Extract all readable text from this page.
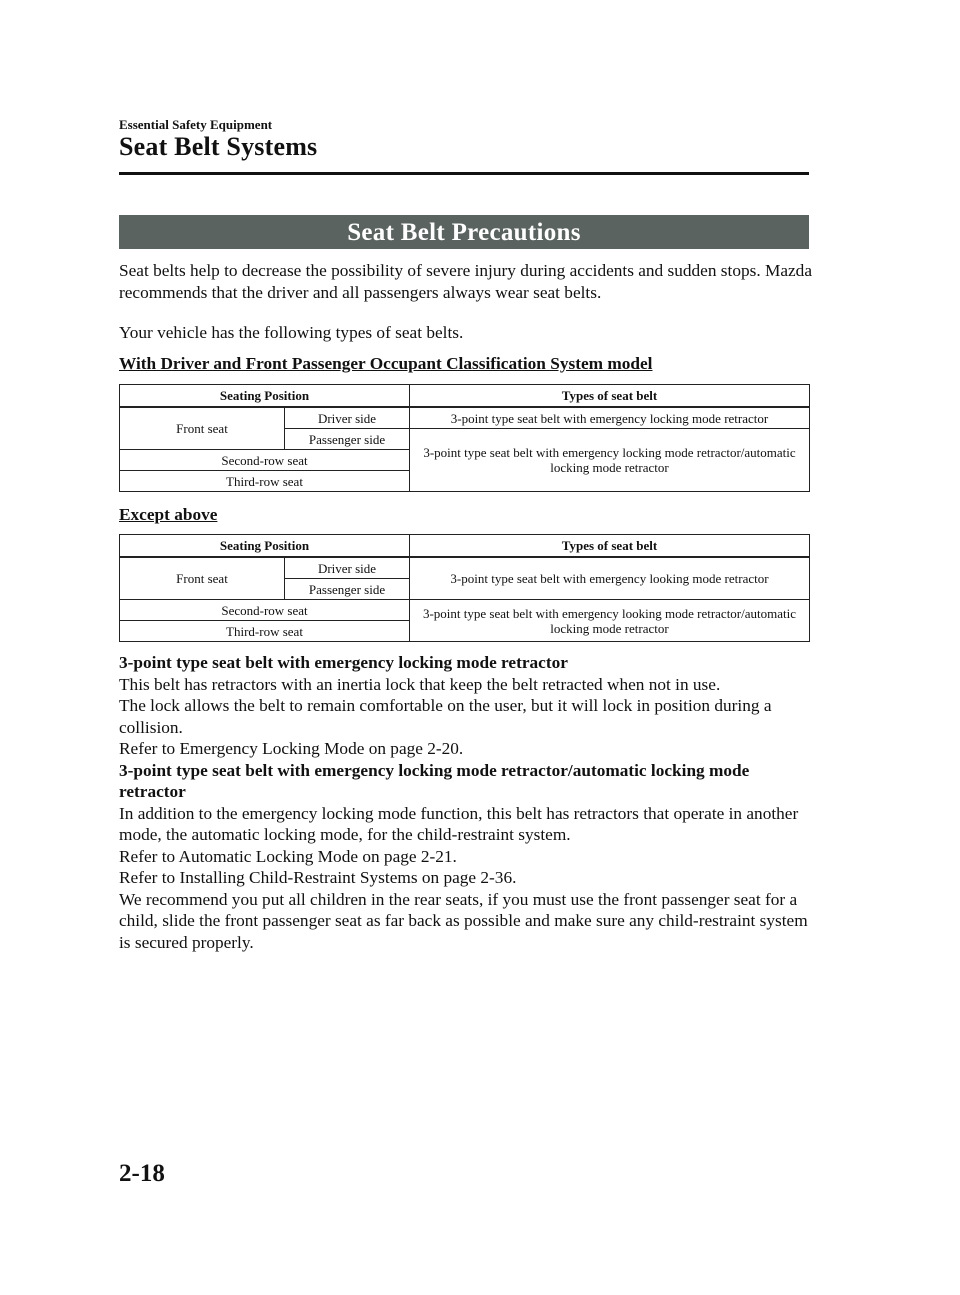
Essential Safety Equipment
Seat Belt Systems
Seat Belt Precautions
Seat belts help to decrease the possibility of severe injury during accidents and sudden stops. Mazda recommends that the driver and all passengers always wear seat belts.
Your vehicle has the following types of seat belts.
With Driver and Front Passenger Occupant Classification System model
Seating Position		Types of seat belt
Front seat	Driver side	3-point type seat belt with emergency locking mode retractor
	Passenger side	3-point type seat belt with emergency locking mode retractor/automatic locking mode retractor
Second-row seat		
Third-row seat		
Except above
Seating Position		Types of seat belt
Front seat	Driver side	3-point type seat belt with emergency looking mode retractor
	Passenger side	
Second-row seat		3-point type seat belt with emergency looking mode retractor/automatic locking mode retractor
Third-row seat		
3-point type seat belt with emergency locking mode retractor
This belt has retractors with an inertia lock that keep the belt retracted when not in use.
The lock allows the belt to remain comfortable on the user, but it will lock in position during a collision.
Refer to Emergency Locking Mode on page 2-20.
3-point type seat belt with emergency locking mode retractor/automatic locking mode retractor
In addition to the emergency locking mode function, this belt has retractors that operate in another mode, the automatic locking mode, for the child-restraint system.
Refer to Automatic Locking Mode on page 2-21.
Refer to Installing Child-Restraint Systems on page 2-36.
We recommend you put all children in the rear seats, if you must use the front passenger seat for a child, slide the front passenger seat as far back as possible and make sure any child-restraint system is secured properly.
2-18
